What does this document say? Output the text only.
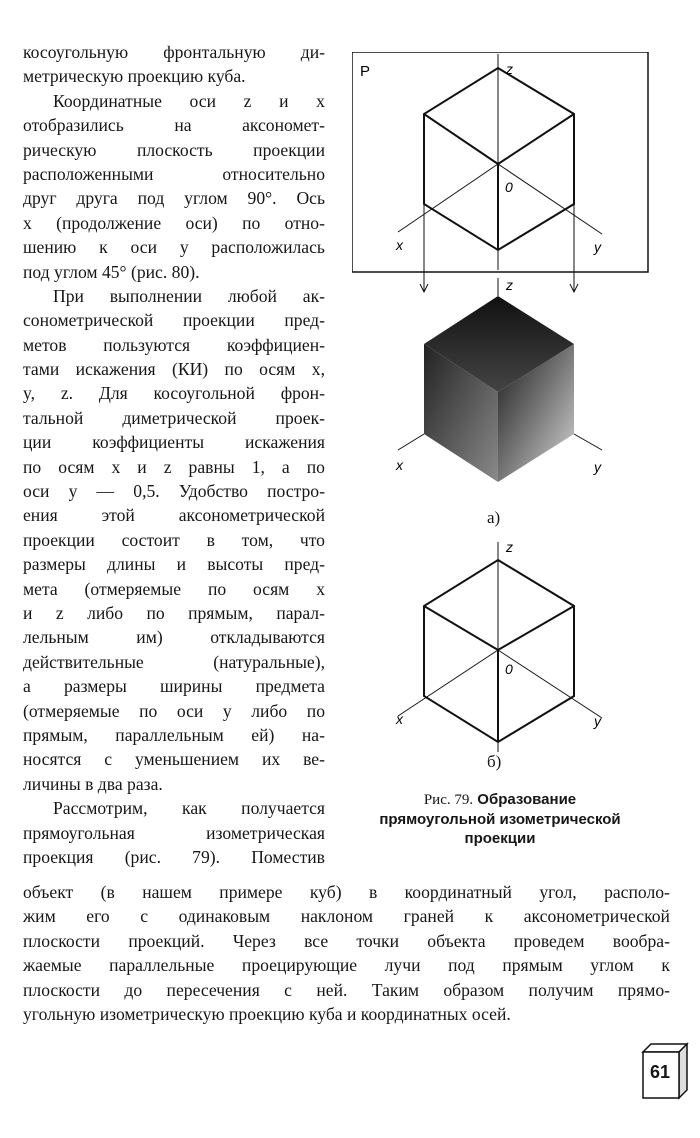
косоугольную фронтальную ди-
метрическую проекцию куба.
Координатные оси z и x
отобразились	на	аксономет-
рическую плоскость проекции
расположенными	относительно
друг друга под углом 90°. Ось
x (продолжение оси) по отно-
шению к оси y расположилась
под углом 45° (рис. 80).
При выполнении любой ак-
сонометрической проекции пред-
метов пользуются коэффициен-
тами искажения (КИ) по осям x,
y, z. Для косоугольной фрон-
тальной диметрической проек-
ции коэффициенты искажения
по осям x и z равны 1, а по
оси y — 0,5. Удобство постро-
ения этой аксонометрической
проекции состоит в том, что
размеры длины и высоты пред-
мета (отмеряемые по осям x
и z либо по прямым, парал-
лельным	им)	откладываются
действительные	(натуральные),
а размеры ширины предмета
(отмеряемые по оси y либо по
прямым, параллельным ей) на-
носятся с уменьшением их ве-
личины в два раза.
Рассмотрим, как получается
прямоугольная	изометрическая
проекция (рис. 79). Поместив
объект (в нашем примере куб) в координатный угол, располо-
жим его с одинаковым наклоном граней к аксонометрической
плоскости проекций. Через все точки объекта проведем вообра-
жаемые параллельные проецирующие лучи под прямым углом к
плоскости до пересечения с ней. Таким образом получим прямо-
угольную изометрическую проекцию куба и координатных осей.
P	z
0
x	y
z
x	y
z
0
x	y
а)
б)
Рис. 79. Образование
прямоугольной изометрической
проекции
61
